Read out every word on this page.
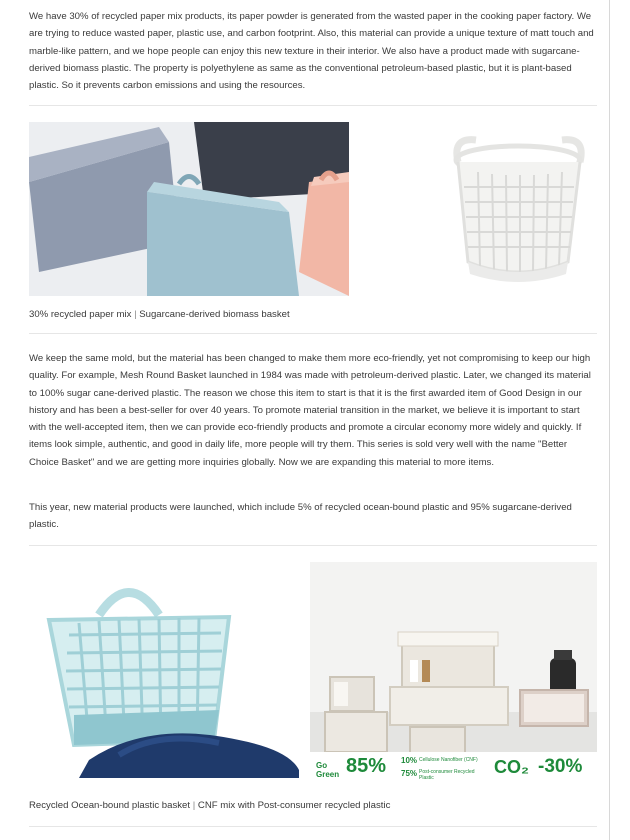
We have 30% of recycled paper mix products, its paper powder is generated from the wasted paper in the cooking paper factory. We are trying to reduce wasted paper, plastic use, and carbon footprint. Also, this material can provide a unique texture of matt touch and marble-like pattern, and we hope people can enjoy this new texture in their interior. We also have a product made with sugarcane-derived biomass plastic. The property is polyethylene as same as the conventional petroleum-based plastic, but it is plant-based plastic. So it prevents carbon emissions and using the resources.

30% recycled paper mix | Sugarcane-derived biomass basket

We keep the same mold, but the material has been changed to make them more eco-friendly, yet not compromising to keep our high quality. For example, Mesh Round Basket launched in 1984 was made with petroleum-derived plastic. Later, we changed its material to 100% sugar cane-derived plastic. The reason we chose this item to start is that it is the first awarded item of Good Design in our history and has been a best-seller for over 40 years. To promote material transition in the market, we believe it is important to start with the well-accepted item, then we can provide eco-friendly products and promote a circular economy more widely and quickly. If items look simple, authentic, and good in daily life, more people will try them. This series is sold very well with the name "Better Choice Basket" and we are getting more inquiries globally. Now we are expanding this material to more items.

This year, new material products were launched, which include 5% of recycled ocean-bound plastic and 95% sugarcane-derived plastic.

Go Green 85% 10% Cellulose Nanofiber (CNF)
75% Post-consumer Recycled Plastic
CO₂ -30%

Recycled Ocean-bound plastic basket | CNF mix with Post-consumer recycled plastic
